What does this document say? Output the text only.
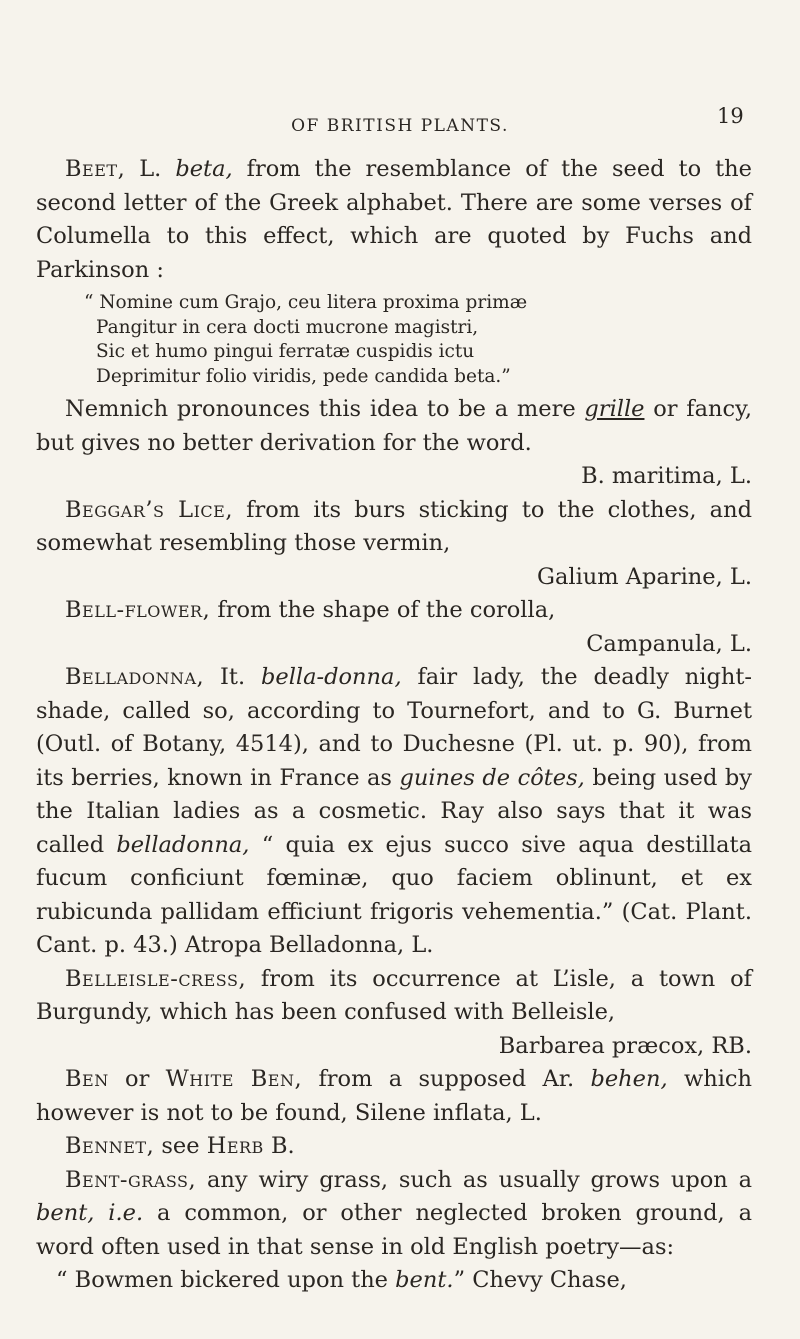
OF BRITISH PLANTS.	19

Beet, L. beta, from the resemblance of the seed to the second letter of the Greek alphabet. There are some verses of Columella to this effect, which are quoted by Fuchs and Parkinson :

“ Nomine cum Grajo, ceu litera proxima primæ
Pangitur in cera docti mucrone magistri,
Sic et humo pingui ferratæ cuspidis ictu
Deprimitur folio viridis, pede candida beta.”

Nemnich pronounces this idea to be a mere grille or fancy, but gives no better derivation for the word.
B. maritima, L.

Beggar’s Lice, from its burs sticking to the clothes, and somewhat resembling those vermin,
Galium Aparine, L.

Bell-flower, from the shape of the corolla,
Campanula, L.

Belladonna, It. bella-donna, fair lady, the deadly night-shade, called so, according to Tournefort, and to G. Burnet (Outl. of Botany, 4514), and to Duchesne (Pl. ut. p. 90), from its berries, known in France as guines de côtes, being used by the Italian ladies as a cosmetic. Ray also says that it was called belladonna, “ quia ex ejus succo sive aqua destillata fucum conficiunt fœminæ, quo faciem oblinunt, et ex rubicunda pallidam efficiunt frigoris vehementia.” (Cat. Plant. Cant. p. 43.) Atropa Belladonna, L.

Belleisle-cress, from its occurrence at L’isle, a town of Burgundy, which has been confused with Belleisle,
Barbarea præcox, RB.

Ben or White Ben, from a supposed Ar. behen, which however is not to be found, Silene inflata, L.

Bennet, see Herb B.

Bent-grass, any wiry grass, such as usually grows upon a bent, i.e. a common, or other neglected broken ground, a word often used in that sense in old English poetry—as:
“ Bowmen bickered upon the bent.” Chevy Chase,
